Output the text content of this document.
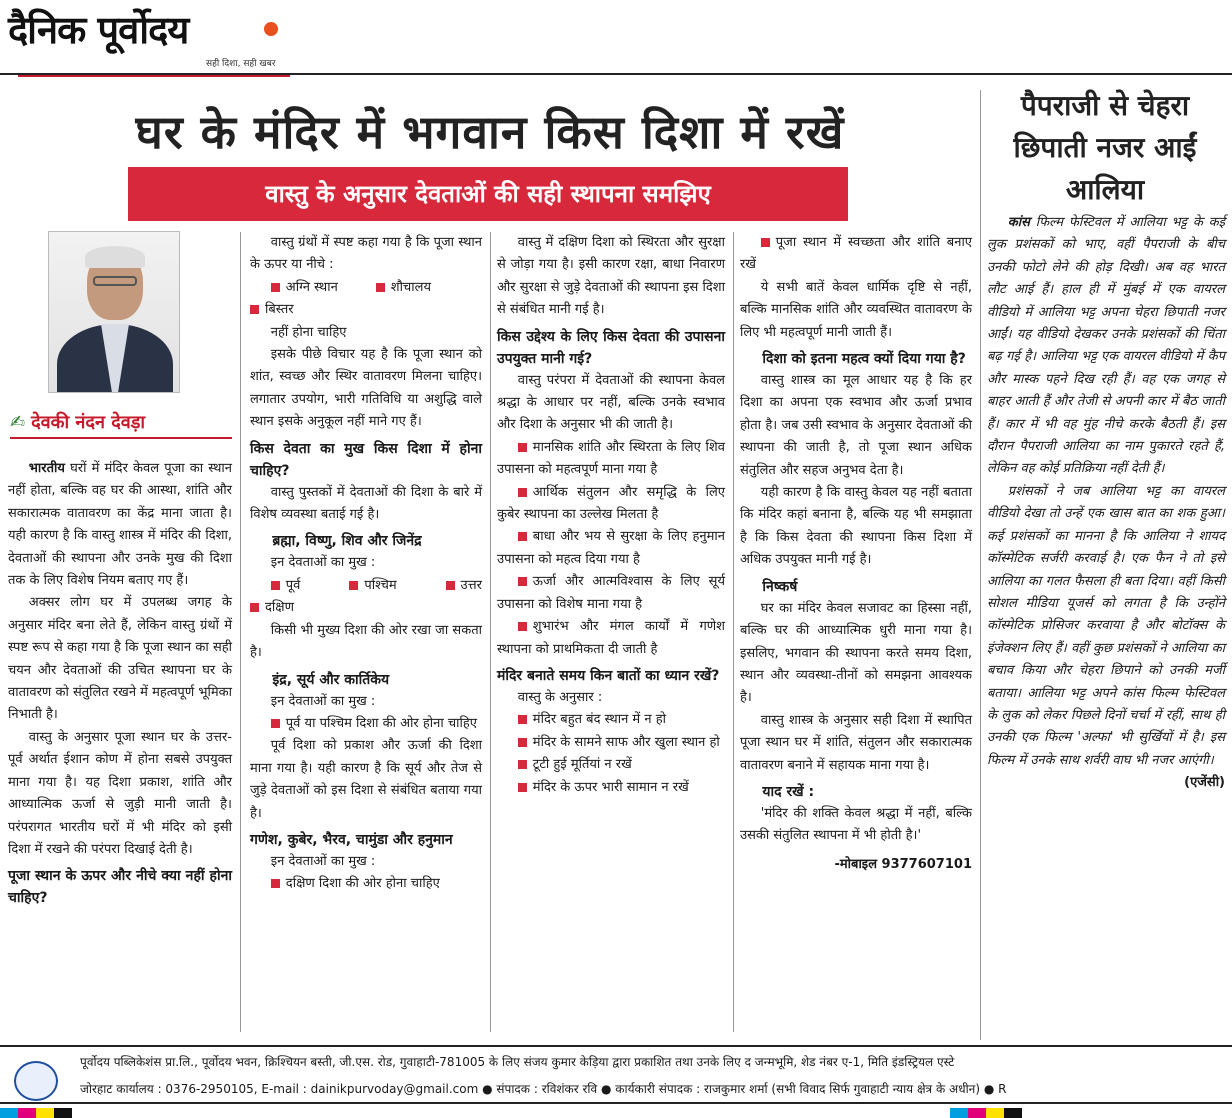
दैनिक पूर्वोदय
सही दिशा, सही खबर
घर के मंदिर में भगवान किस दिशा में रखें
वास्तु के अनुसार देवताओं की सही स्थापना समझिए
पैपराजी से चेहरा छिपाती नजर आईं आलिया
✍ देवकी नंदन देवड़ा

भारतीय घरों में मंदिर केवल पूजा का स्थान नहीं होता, बल्कि वह घर की आस्था, शांति और सकारात्मक वातावरण का केंद्र माना जाता है। यही कारण है कि वास्तु शास्त्र में मंदिर की दिशा, देवताओं की स्थापना और उनके मुख की दिशा तक के लिए विशेष नियम बताए गए हैं।

अक्सर लोग घर में उपलब्ध जगह के अनुसार मंदिर बना लेते हैं, लेकिन वास्तु ग्रंथों में स्पष्ट रूप से कहा गया है कि पूजा स्थान का सही चयन और देवताओं की उचित स्थापना घर के वातावरण को संतुलित रखने में महत्वपूर्ण भूमिका निभाती है।

वास्तु के अनुसार पूजा स्थान घर के उत्तर-पूर्व अर्थात ईशान कोण में होना सबसे उपयुक्त माना गया है। यह दिशा प्रकाश, शांति और आध्यात्मिक ऊर्जा से जुड़ी मानी जाती है। परंपरागत भारतीय घरों में भी मंदिर को इसी दिशा में रखने की परंपरा दिखाई देती है।

पूजा स्थान के ऊपर और नीचे क्या नहीं होना चाहिए?

वास्तु ग्रंथों में स्पष्ट कहा गया है कि पूजा स्थान के ऊपर या नीचे :

अग्नि स्थान	शौचालय
बिस्तर

नहीं होना चाहिए

इसके पीछे विचार यह है कि पूजा स्थान को शांत, स्वच्छ और स्थिर वातावरण मिलना चाहिए। लगातार उपयोग, भारी गतिविधि या अशुद्धि वाले स्थान इसके अनुकूल नहीं माने गए हैं।

किस देवता का मुख किस दिशा में होना चाहिए?

वास्तु पुस्तकों में देवताओं की दिशा के बारे में विशेष व्यवस्था बताई गई है।

ब्रह्मा, विष्णु, शिव और जिनेंद्र

इन देवताओं का मुख :

पूर्व	पश्चिम	उत्तर
दक्षिण

किसी भी मुख्य दिशा की ओर रखा जा सकता है।

इंद्र, सूर्य और कार्तिकेय

इन देवताओं का मुख :

पूर्व या पश्चिम दिशा की ओर होना चाहिए

पूर्व दिशा को प्रकाश और ऊर्जा की दिशा माना गया है। यही कारण है कि सूर्य और तेज से जुड़े देवताओं को इस दिशा से संबंधित बताया गया है।

गणेश, कुबेर, भैरव, चामुंडा और हनुमान

इन देवताओं का मुख :

दक्षिण दिशा की ओर होना चाहिए

वास्तु में दक्षिण दिशा को स्थिरता और सुरक्षा से जोड़ा गया है। इसी कारण रक्षा, बाधा निवारण और सुरक्षा से जुड़े देवताओं की स्थापना इस दिशा से संबंधित मानी गई है।

किस उद्देश्य के लिए किस देवता की उपासना उपयुक्त मानी गई?

वास्तु परंपरा में देवताओं की स्थापना केवल श्रद्धा के आधार पर नहीं, बल्कि उनके स्वभाव और दिशा के अनुसार भी की जाती है।

मानसिक शांति और स्थिरता के लिए शिव उपासना को महत्वपूर्ण माना गया है
आर्थिक संतुलन और समृद्धि के लिए कुबेर स्थापना का उल्लेख मिलता है
बाधा और भय से सुरक्षा के लिए हनुमान उपासना को महत्व दिया गया है
ऊर्जा और आत्मविश्वास के लिए सूर्य उपासना को विशेष माना गया है
शुभारंभ और मंगल कार्यों में गणेश स्थापना को प्राथमिकता दी जाती है
मंदिर बनाते समय किन बातों का ध्यान रखें?

वास्तु के अनुसार :

मंदिर बहुत बंद स्थान में न हो
मंदिर के सामने साफ और खुला स्थान हो
टूटी हुई मूर्तियां न रखें
मंदिर के ऊपर भारी सामान न रखें
पूजा स्थान में स्वच्छता और शांति बनाए रखें

ये सभी बातें केवल धार्मिक दृष्टि से नहीं, बल्कि मानसिक शांति और व्यवस्थित वातावरण के लिए भी महत्वपूर्ण मानी जाती हैं।

दिशा को इतना महत्व क्यों दिया गया है?

वास्तु शास्त्र का मूल आधार यह है कि हर दिशा का अपना एक स्वभाव और ऊर्जा प्रभाव होता है। जब उसी स्वभाव के अनुसार देवताओं की स्थापना की जाती है, तो पूजा स्थान अधिक संतुलित और सहज अनुभव देता है।

यही कारण है कि वास्तु केवल यह नहीं बताता कि मंदिर कहां बनाना है, बल्कि यह भी समझाता है कि किस देवता की स्थापना किस दिशा में अधिक उपयुक्त मानी गई है।

निष्कर्ष

घर का मंदिर केवल सजावट का हिस्सा नहीं, बल्कि घर की आध्यात्मिक धुरी माना गया है। इसलिए, भगवान की स्थापना करते समय दिशा, स्थान और व्यवस्था-तीनों को समझना आवश्यक है।

वास्तु शास्त्र के अनुसार सही दिशा में स्थापित पूजा स्थान घर में शांति, संतुलन और सकारात्मक वातावरण बनाने में सहायक माना गया है।

याद रखें :

'मंदिर की शक्ति केवल श्रद्धा में नहीं, बल्कि उसकी संतुलित स्थापना में भी होती है।'

-मोबाइल 9377607101

कांस फिल्म फेस्टिवल में आलिया भट्ट के कई लुक प्रशंसकों को भाए, वहीं पैपराजी के बीच उनकी फोटो लेने की होड़ दिखी। अब वह भारत लौट आई हैं। हाल ही में मुंबई में एक वायरल वीडियो में आलिया भट्ट अपना चेहरा छिपाती नजर आईं। यह वीडियो देखकर उनके प्रशंसकों की चिंता बढ़ गई है। आलिया भट्ट एक वायरल वीडियो में कैप और मास्क पहने दिख रही हैं। वह एक जगह से बाहर आती हैं और तेजी से अपनी कार में बैठ जाती हैं। कार में भी वह मुंह नीचे करके बैठती हैं। इस दौरान पैपराजी आलिया का नाम पुकारते रहते हैं, लेकिन वह कोई प्रतिक्रिया नहीं देती हैं।

प्रशंसकों ने जब आलिया भट्ट का वायरल वीडियो देखा तो उन्हें एक खास बात का शक हुआ। कई प्रशंसकों का मानना है कि आलिया ने शायद कॉस्मेटिक सर्जरी करवाई है। एक फैन ने तो इसे आलिया का गलत फैसला ही बता दिया। वहीं किसी सोशल मीडिया यूजर्स को लगता है कि उन्होंने कॉस्मेटिक प्रोसिजर करवाया है और बोटॉक्स के इंजेक्शन लिए हैं। वहीं कुछ प्रशंसकों ने आलिया का बचाव किया और चेहरा छिपाने को उनकी मर्जी बताया। आलिया भट्ट अपने कांस फिल्म फेस्टिवल के लुक को लेकर पिछले दिनों चर्चा में रहीं, साथ ही उनकी एक फिल्म 'अल्फा' भी सुर्खियों में है। इस फिल्म में उनके साथ शर्वरी वाघ भी नजर आएंगी।

(एजेंसी)

पूर्वोदय पब्लिकेशंस प्रा.लि., पूर्वोदय भवन, क्रिश्चियन बस्ती, जी.एस. रोड, गुवाहाटी-781005 के लिए संजय कुमार केड़िया द्वारा प्रकाशित तथा उनके लिए द जन्मभूमि, शेड नंबर ए-1, मिति इंडस्ट्रियल एस्टे
जोरहाट कार्यालय : 0376-2950105, E-mail : dainikpurvoday@gmail.com ● संपादक : रविशंकर रवि ● कार्यकारी संपादक : राजकुमार शर्मा (सभी विवाद सिर्फ गुवाहाटी न्याय क्षेत्र के अधीन) ● R
